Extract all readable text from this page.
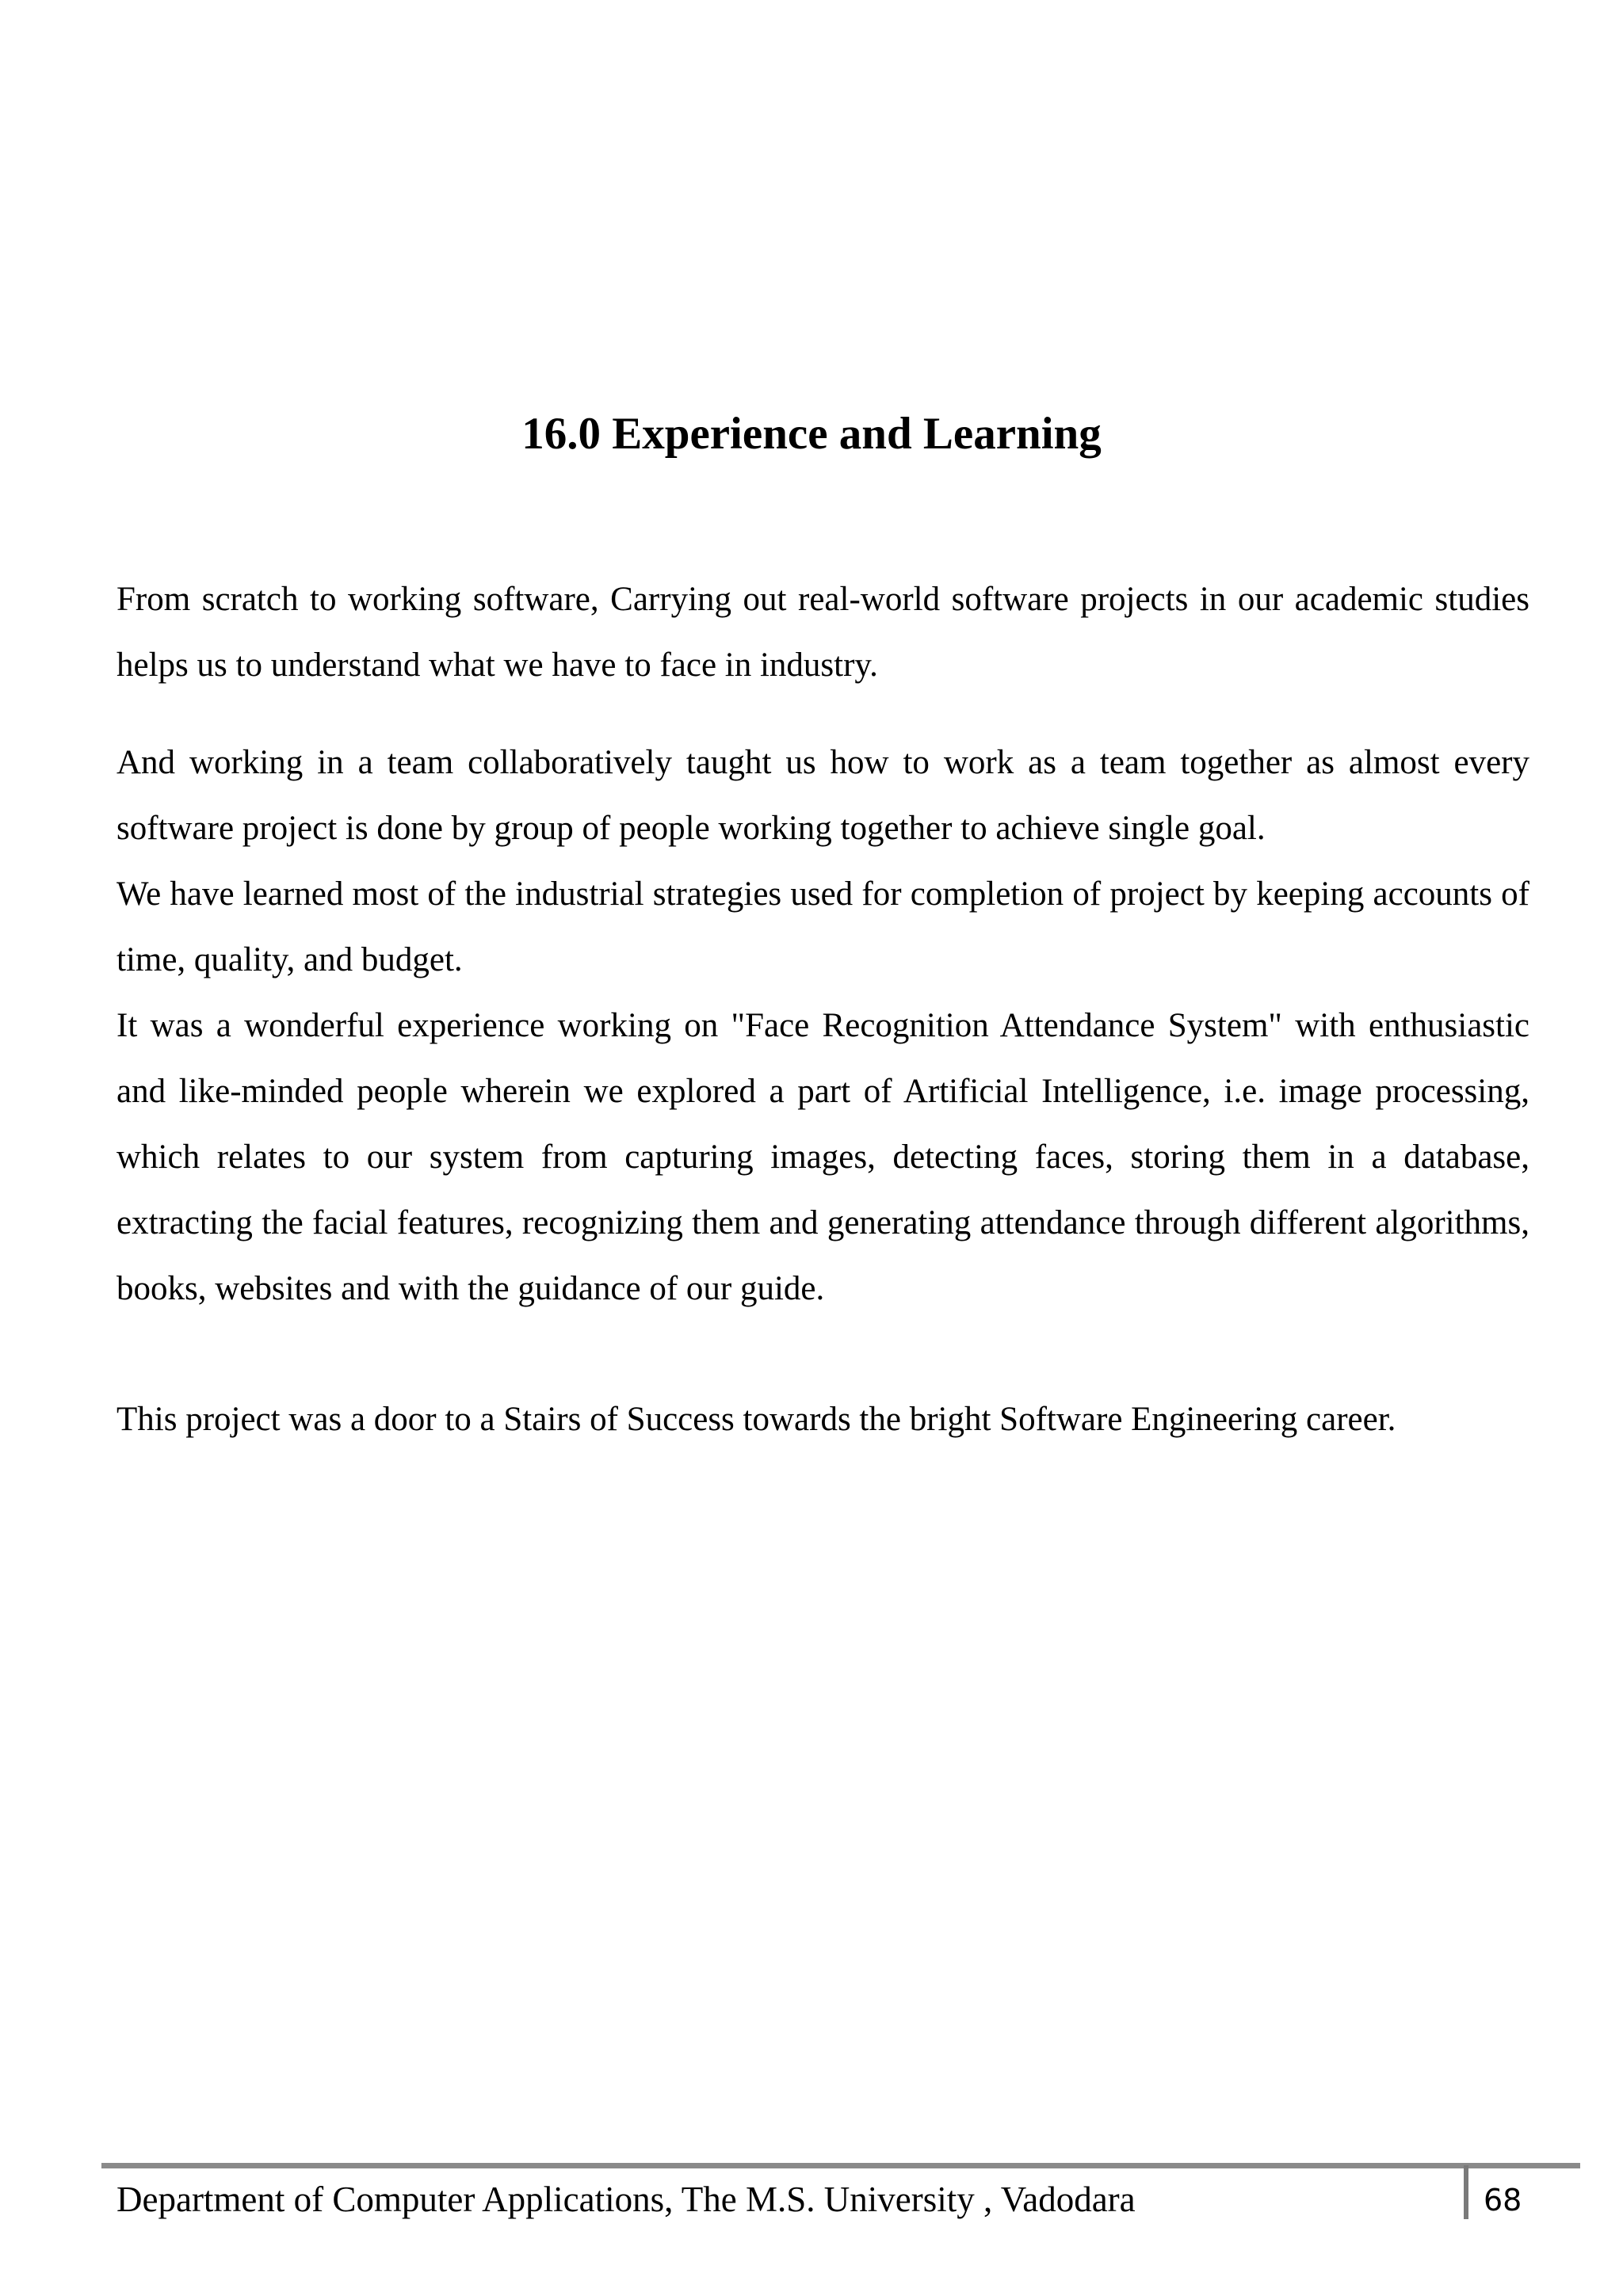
16.0 Experience and Learning

From scratch to working software, Carrying out real-world software projects in our academic studies helps us to understand what we have to face in industry.

And working in a team collaboratively taught us how to work as a team together as almost every software project is done by group of people working together to achieve single goal.

We have learned most of the industrial strategies used for completion of project by keeping accounts of time, quality, and budget.

It was a wonderful experience working on "Face Recognition Attendance System" with enthusiastic and like-minded people wherein we explored a part of Artificial Intelligence, i.e. image processing, which relates to our system from capturing images, detecting faces, storing them in a database, extracting the facial features, recognizing them and generating attendance through different algorithms, books, websites and with the guidance of our guide.

This project was a door to a Stairs of Success towards the bright Software Engineering career.

Department of Computer Applications, The M.S. University , Vadodara	68
